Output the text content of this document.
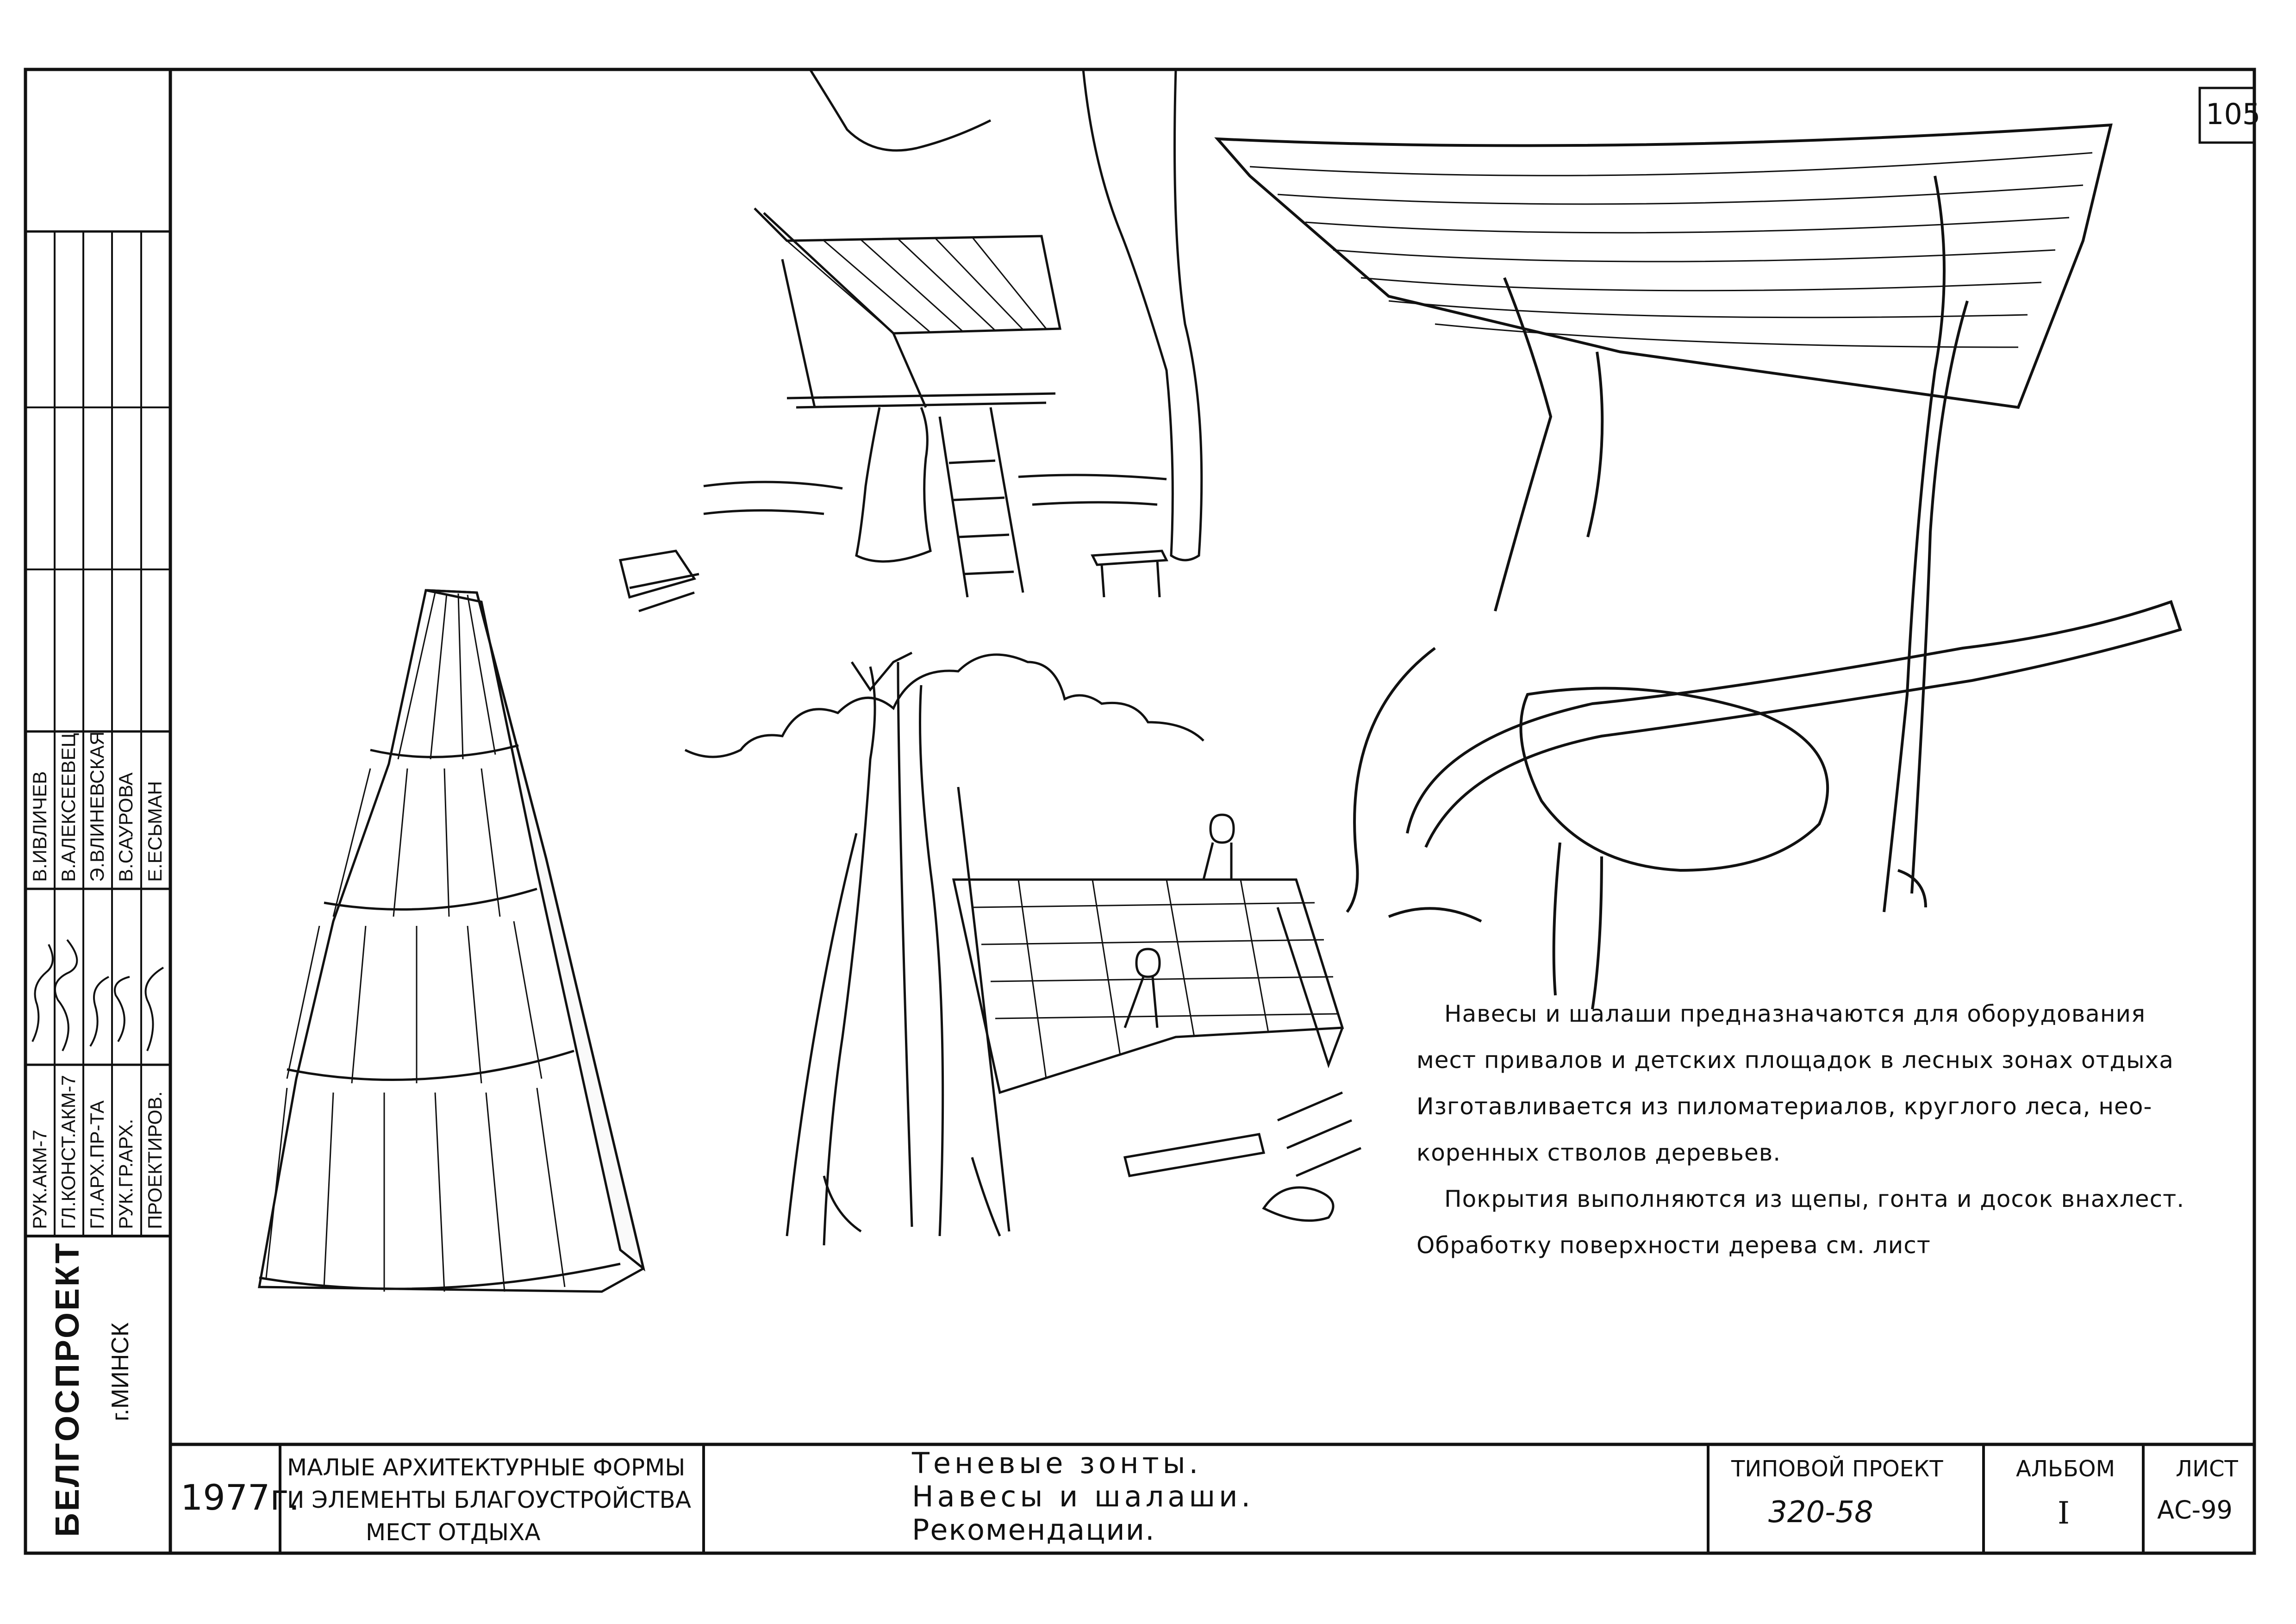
105
БЕЛГОСПРОЕКТ г.МИНСК
РУК.АКМ-7 ГЛ.КОНСТ.АКМ-7 ГЛ.АРХ.ПР-ТА РУК.ГР.АРХ. ПРОЕКТИРОВ.
В.ИВЛИЧЕВ В.АЛЕКСЕЕВЕЦ Э.ВЛИНЕВСКАЯ В.САУРОВА Е.ЕСЬМАН
Навесы и шалаши предназначаются для оборудования
мест привалов и детских площадок в лесных зонах отдыха
Изготавливается из пиломатериалов, круглого леса, нео-
коренных стволов деревьев.
Покрытия выполняются из щепы, гонта и досок внахлест.
Обработку поверхности дерева см. лист
1977г.
МАЛЫЕ АРХИТЕКТУРНЫЕ ФОРМЫ
И ЭЛЕМЕНТЫ БЛАГОУСТРОЙСТВА
МЕСТ ОТДЫХА
Теневые зонты.
Навесы и шалаши.
Рекомендации.
ТИПОВОЙ ПРОЕКТ
320-58
АЛЬБОМ
I
ЛИСТ
АС-99
